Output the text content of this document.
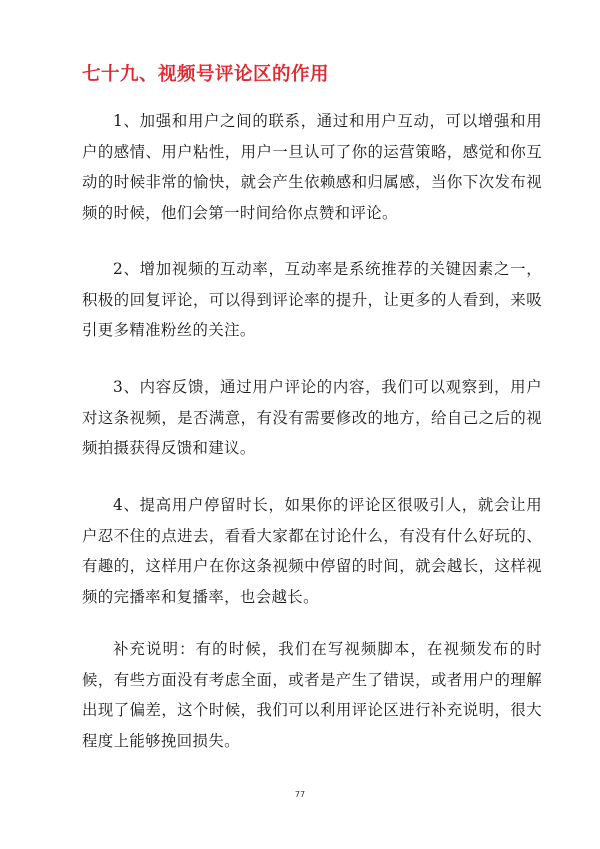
七十九、视频号评论区的作用

1、加强和用户之间的联系，通过和用户互动，可以增强和用户的感情、用户粘性，用户一旦认可了你的运营策略，感觉和你互动的时候非常的愉快，就会产生依赖感和归属感，当你下次发布视频的时候，他们会第一时间给你点赞和评论。

2、增加视频的互动率，互动率是系统推荐的关键因素之一，积极的回复评论，可以得到评论率的提升，让更多的人看到，来吸引更多精准粉丝的关注。

3、内容反馈，通过用户评论的内容，我们可以观察到，用户对这条视频，是否满意，有没有需要修改的地方，给自己之后的视频拍摄获得反馈和建议。

4、提高用户停留时长，如果你的评论区很吸引人，就会让用户忍不住的点进去，看看大家都在讨论什么，有没有什么好玩的、有趣的，这样用户在你这条视频中停留的时间，就会越长，这样视频的完播率和复播率，也会越长。

补充说明：有的时候，我们在写视频脚本，在视频发布的时候，有些方面没有考虑全面，或者是产生了错误，或者用户的理解出现了偏差，这个时候，我们可以利用评论区进行补充说明，很大程度上能够挽回损失。

77
